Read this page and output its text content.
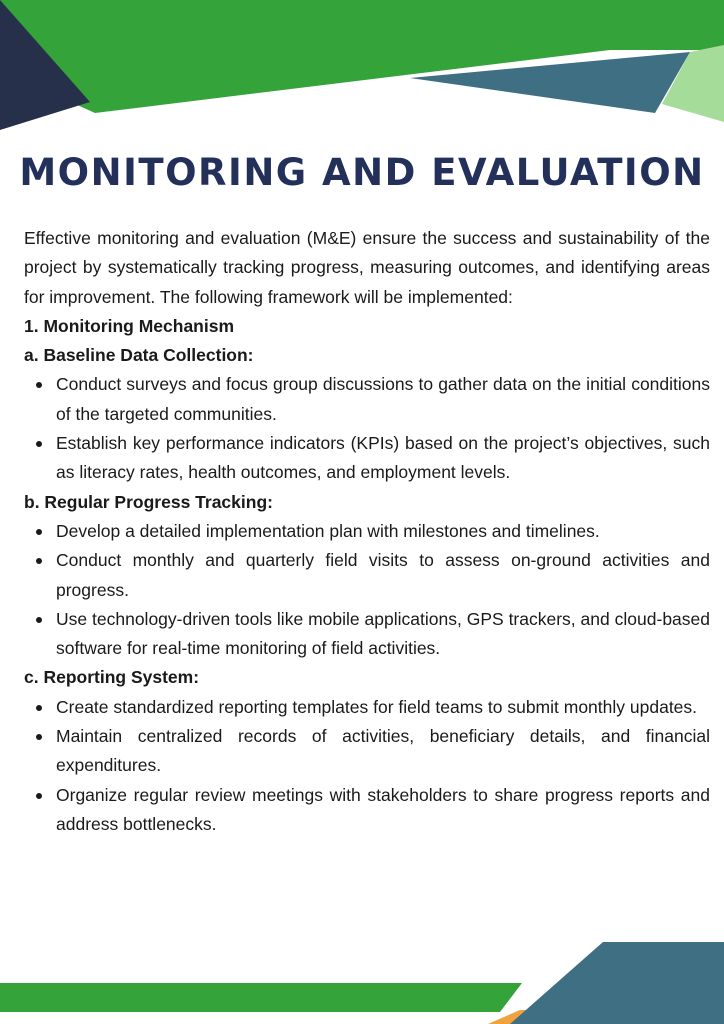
MONITORING AND EVALUATION

Effective monitoring and evaluation (M&E) ensure the success and sustainability of the project by systematically tracking progress, measuring outcomes, and identifying areas for improvement. The following framework will be implemented:

1. Monitoring Mechanism

a. Baseline Data Collection:

Conduct surveys and focus group discussions to gather data on the initial conditions of the targeted communities.
Establish key performance indicators (KPIs) based on the project’s objectives, such as literacy rates, health outcomes, and employment levels.

b. Regular Progress Tracking:

Develop a detailed implementation plan with milestones and timelines.
Conduct monthly and quarterly field visits to assess on-ground activities and progress.
Use technology-driven tools like mobile applications, GPS trackers, and cloud-based software for real-time monitoring of field activities.

c. Reporting System:

Create standardized reporting templates for field teams to submit monthly updates.
Maintain centralized records of activities, beneficiary details, and financial expenditures.
Organize regular review meetings with stakeholders to share progress reports and address bottlenecks.
